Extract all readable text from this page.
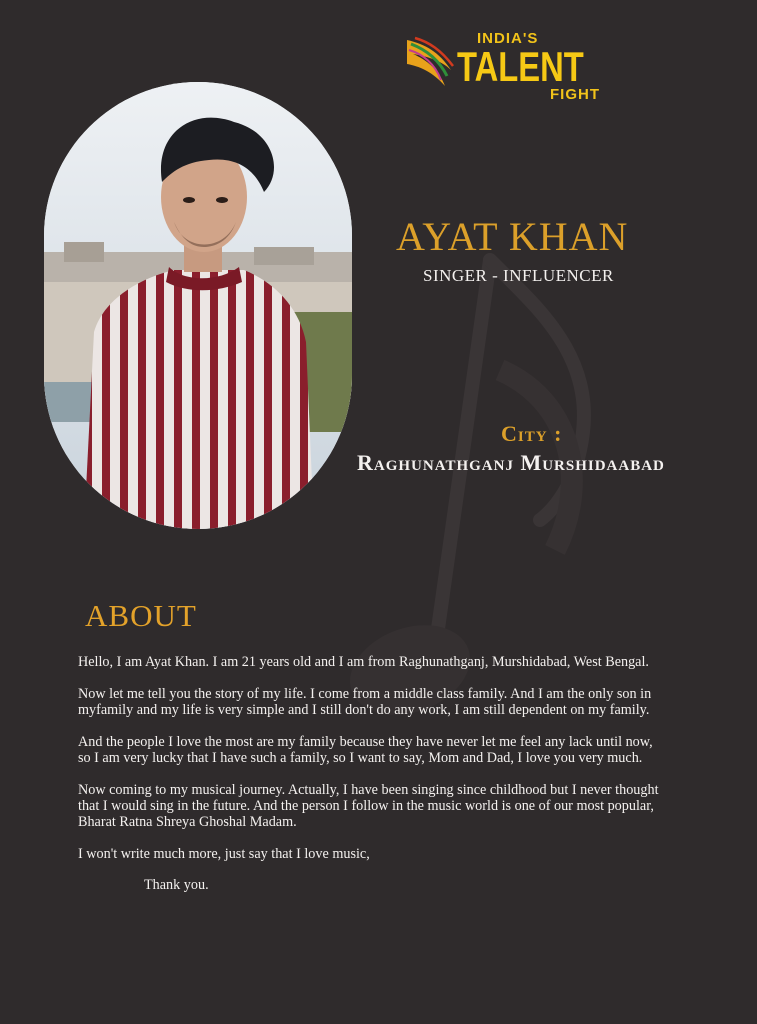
INDIA'S
TALENT
FIGHT
AYAT KHAN
SINGER - INFLUENCER
City :
Raghunathganj Murshidaabad
ABOUT

Hello, I am Ayat Khan. I am 21 years old and I am from Raghunathganj, Murshidabad, West Bengal.

Now let me tell you the story of my life. I come from a middle class family. And I am the only son in
myfamily and my life is very simple and I still don't do any work, I am still dependent on my family.

And the people I love the most are my family because they have never let me feel any lack until now,
so I am very lucky that I have such a family, so I want to say, Mom and Dad, I love you very much.

Now coming to my musical journey. Actually, I have been singing since childhood but I never thought
that I would sing in the future. And the person I follow in the music world is one of our most popular,
Bharat Ratna Shreya Ghoshal Madam.

I won't write much more, just say that I love music,

Thank you.
